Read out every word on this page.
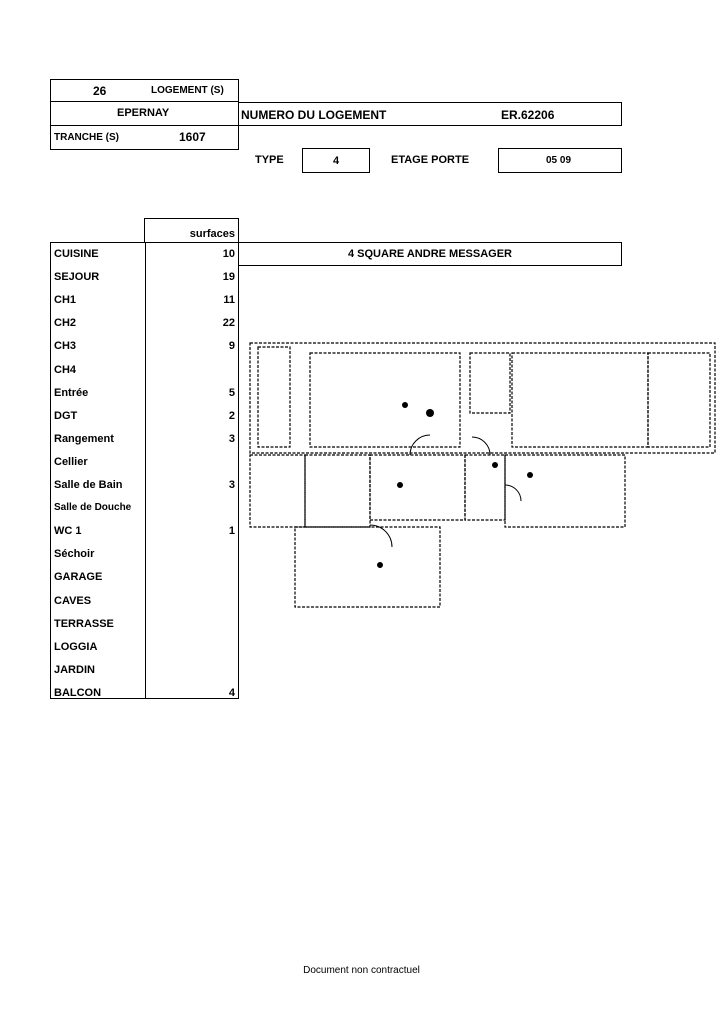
26	LOGEMENT (S)
EPERNAY	NUMERO DU LOGEMENT	ER.62206
TRANCHE (S)	1607
TYPE	4	ETAGE PORTE	05 09
surfaces
4 SQUARE ANDRE MESSAGER
CUISINE	10
SEJOUR	19
CH1	11
CH2	22
CH3	9
CH4
Entrée	5
DGT	2
Rangement	3
Cellier
Salle de Bain	3
Salle de Douche
WC 1	1
Séchoir
GARAGE
CAVES
TERRASSE
LOGGIA
JARDIN
BALCON	4
Document non contractuel
